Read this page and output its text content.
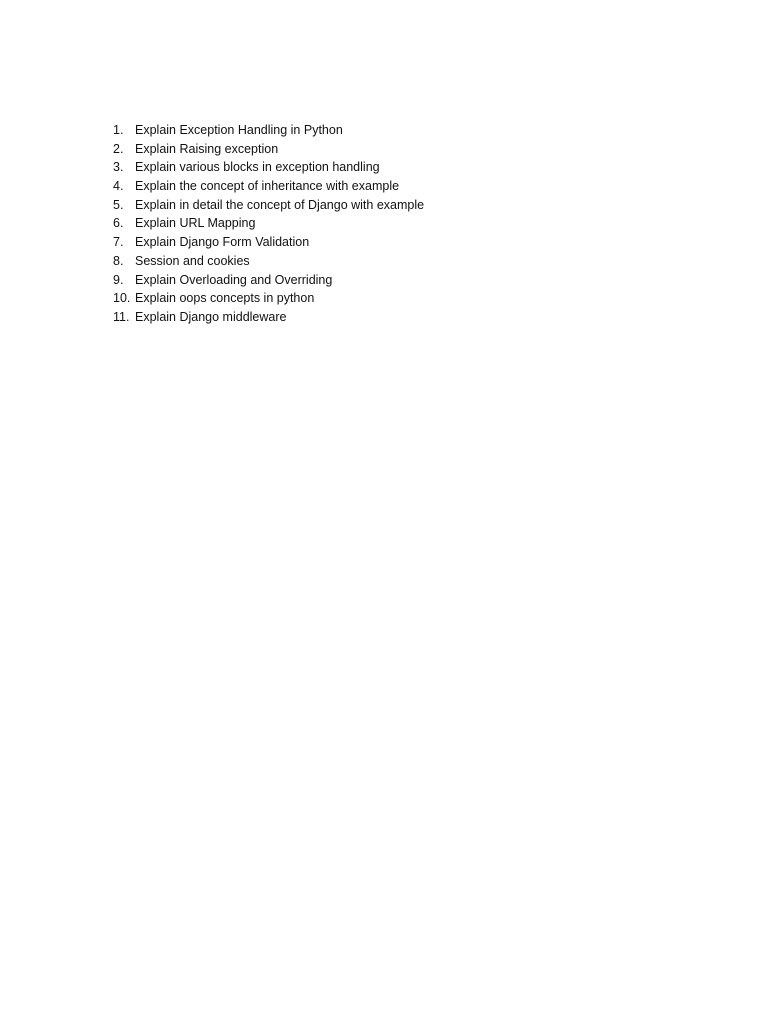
1. Explain Exception Handling in Python
2. Explain Raising exception
3. Explain various blocks in exception handling
4. Explain the concept of inheritance with example
5. Explain in detail the concept of Django with example
6. Explain URL Mapping
7. Explain Django Form Validation
8. Session and cookies
9. Explain Overloading and Overriding
10. Explain oops concepts in python
11. Explain Django middleware
